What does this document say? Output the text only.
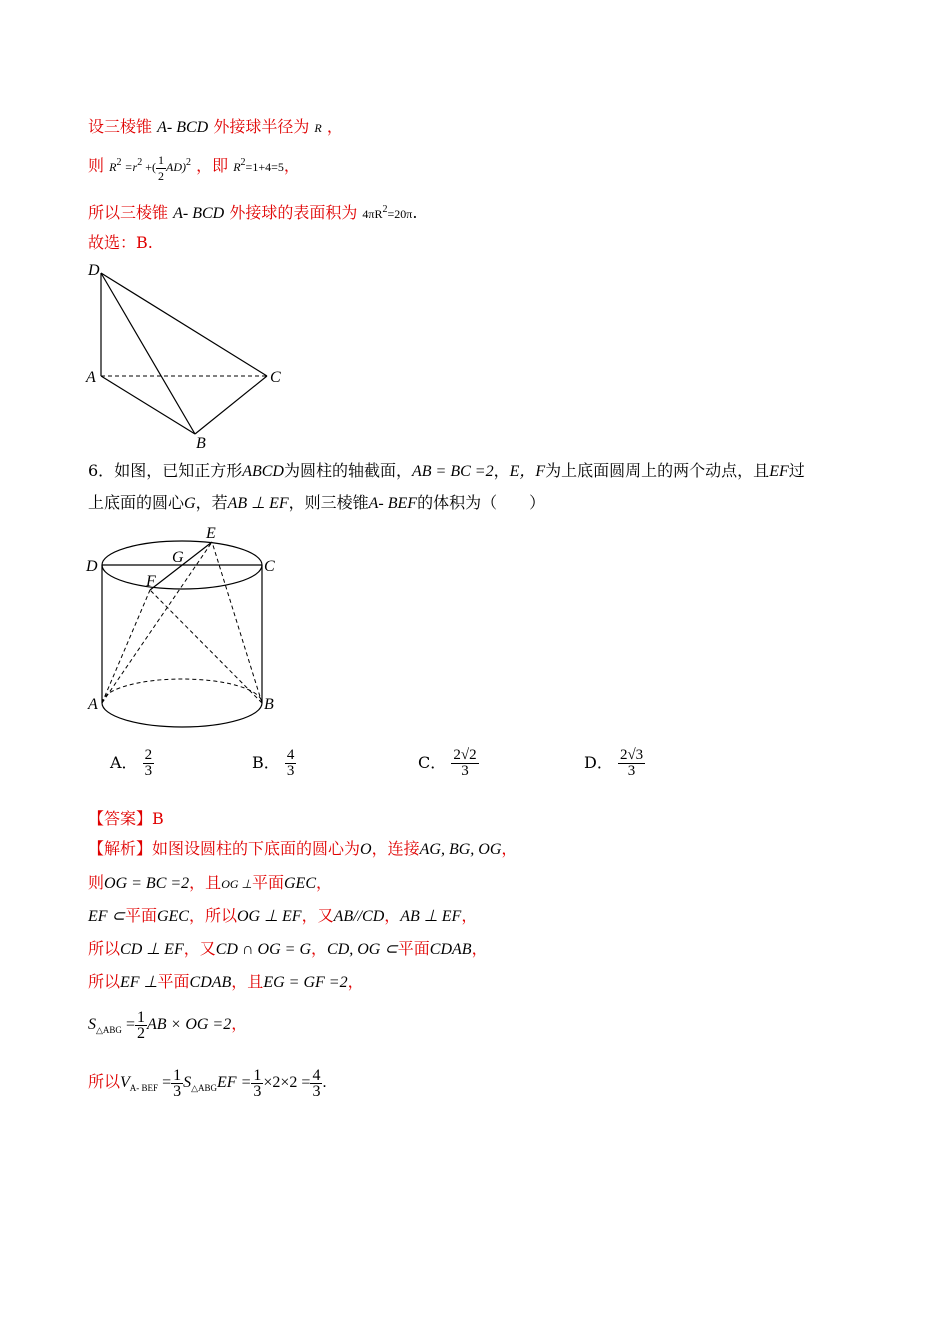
设三棱锥 A- BCD 外接球半径为 R ，
则 $R^2 =r^2$ +( $\frac{1}{2} AD)^2$ ，即 $R^2=1+4=5$，
所以三棱锥 A- BCD 外接球的表面积为 $4\pi R^2=20\pi$.
故选：B.
D
A	C
B
6．如图，已知正方形ABCD为圆柱的轴截面，AB = BC =2，E，F为上底面圆周上的两个动点，且EF过
上底面的圆心G，若AB ⊥ EF，则三棱锥A- BEF的体积为（　　）
E
G
D	C
F
A	B
A． $\frac{2}{3}$	B． $\frac{4}{3}$	C． $\frac{2√2}{3}$	D． $\frac{2√3}{3}$
【答案】B
【解析】如图设圆柱的下底面的圆心为O，连接AG, BG, OG，
则OG = BC =2，且OG ⊥平面GEC，
EF ⊂平面GEC，所以OG ⊥ EF，又AB//CD，AB ⊥ EF，
所以CD ⊥ EF，又CD ∩ OG = G，CD, OG ⊂平面CDAB，
所以EF ⊥平面CDAB，且EG = GF =2，
$S_{\triangle ABG} = \frac{1}{2}$ AB × OG =2，
所以$V_{A- BEF} = \frac{1}{3} S_{\triangle ABG}EF = \frac{1}{3} \times 2\times 2 = \frac{4}{3}$ .
